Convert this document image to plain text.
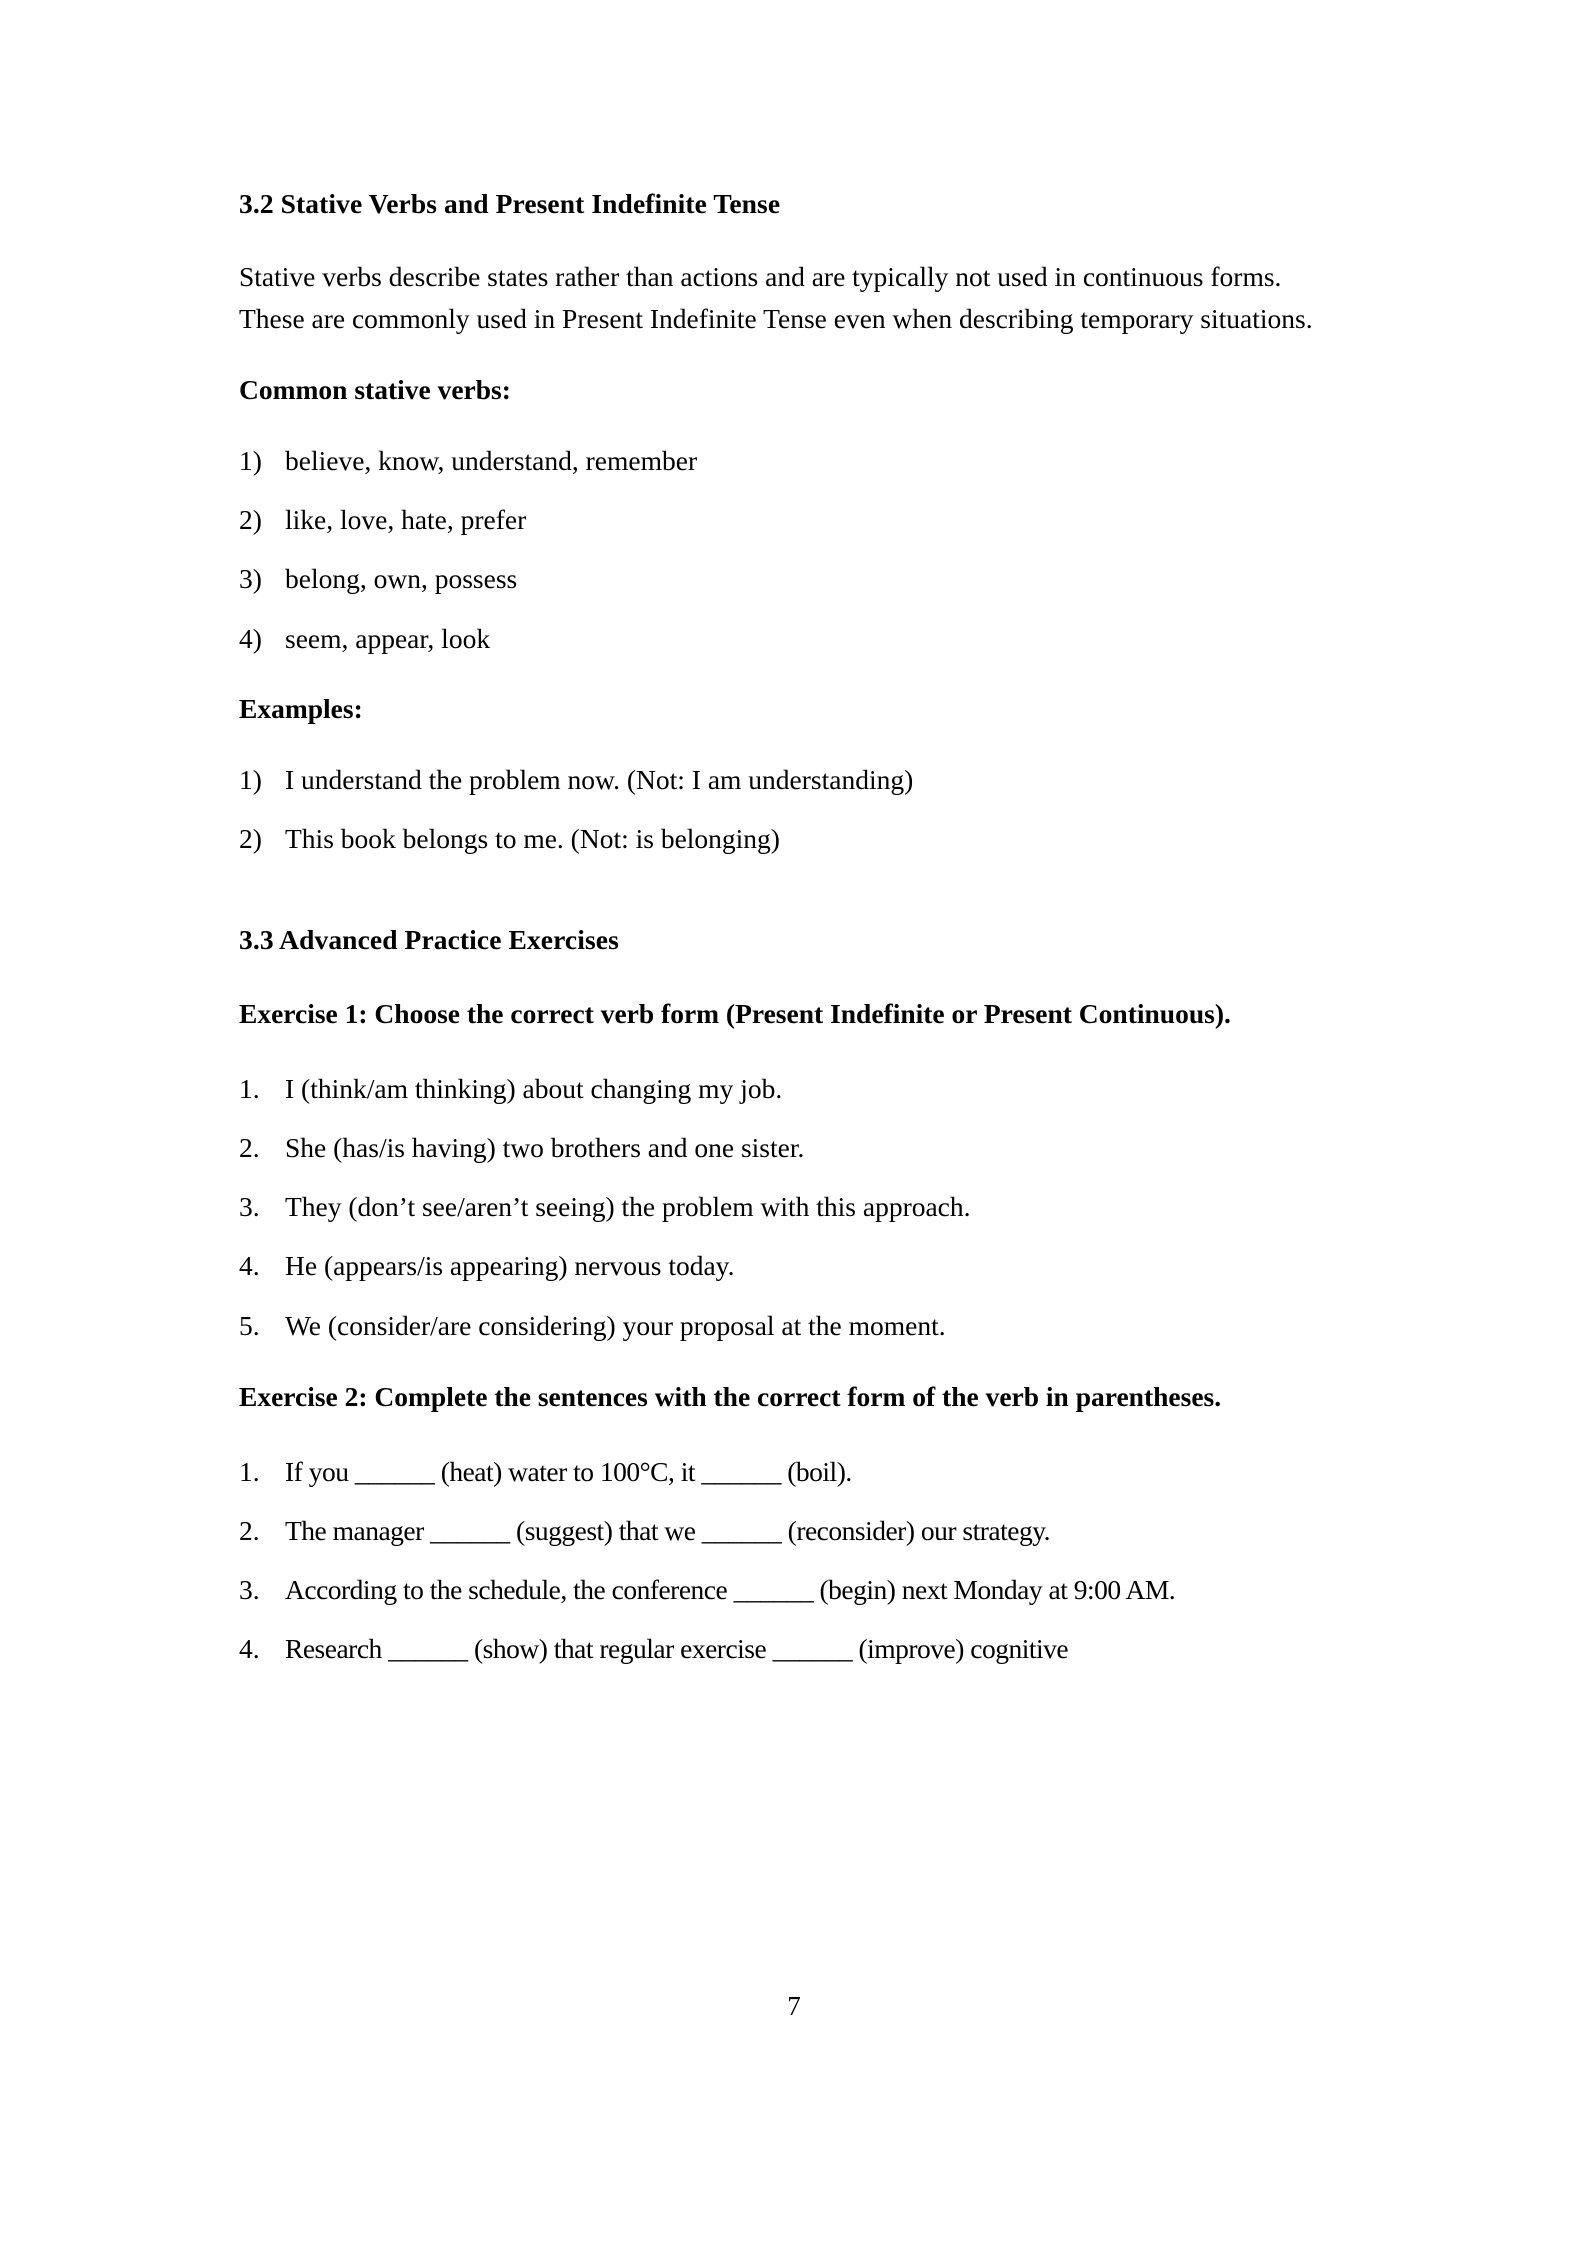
3.2 Stative Verbs and Present Indefinite Tense

Stative verbs describe states rather than actions and are typically not used in continuous forms. These are commonly used in Present Indefinite Tense even when describing temporary situations.

Common stative verbs:

1) believe, know, understand, remember
2) like, love, hate, prefer
3) belong, own, possess
4) seem, appear, look

Examples:

1) I understand the problem now. (Not: I am understanding)
2) This book belongs to me. (Not: is belonging)
3.3 Advanced Practice Exercises

Exercise 1: Choose the correct verb form (Present Indefinite or Present Continuous).

1. I (think/am thinking) about changing my job.
2. She (has/is having) two brothers and one sister.
3. They (don’t see/aren’t seeing) the problem with this approach.
4. He (appears/is appearing) nervous today.
5. We (consider/are considering) your proposal at the moment.

Exercise 2: Complete the sentences with the correct form of the verb in parentheses.

1. If you ______ (heat) water to 100°C, it ______ (boil).
2. The manager ______ (suggest) that we ______ (reconsider) our strategy.
3. According to the schedule, the conference ______ (begin) next Monday at 9:00 AM.
4. Research ______ (show) that regular exercise ______ (improve) cognitive
7
